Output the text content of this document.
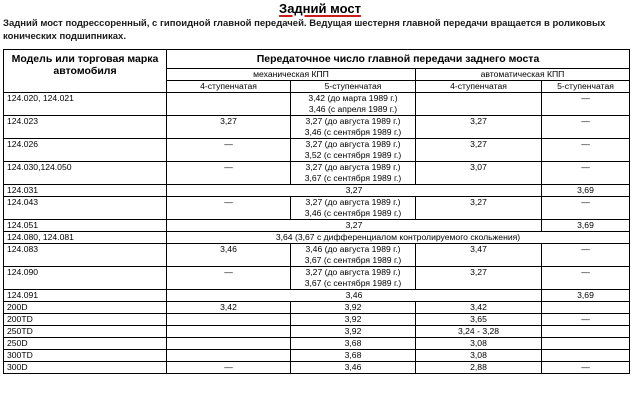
Задний мост
Задний мост подрессоренный, с гипоидной главной передачей. Ведущая шестерня главной передачи вращается в роликовых конических подшипниках.
Модель или торговая марка автомобиля	Передаточное число главной передачи заднего моста			
	механическая КПП		автоматическая КПП	
	4-ступенчатая	5-ступенчатая	4-ступенчатая	5-ступенчатая
124.020, 124.021		3,42 (до марта 1989 г.)
3,46 (с апреля 1989 г.)		—
124.023	3,27	3,27 (до августа 1989 г.)
3,46 (с сентября 1989 г.)	3,27	—
124.026	—	3,27 (до августа 1989 г.)
3,52 (с сентября 1989 г.)	3,27	—
124.030,124.050	—	3,27 (до августа 1989 г.)
3,67 (с сентября 1989 г.)	3,07	—
124.031	3,27			3,69
124.043	—	3,27 (до августа 1989 г.)
3,46 (с сентября 1989 г.)	3,27	—
124.051	3,27			3,69
124.080, 124.081	3,64 (3,67 с дифференциалом контролируемого скольжения)			
124.083	3,46	3,46 (до августа 1989 г.)
3,67 (с сентября 1989 г.)	3,47	—
124.090	—	3,27 (до августа 1989 г.)
3,67 (с сентября 1989 г.)	3,27	—
124.091	3,46			3,69
200D	3,42	3,92	3,42	
200TD		3,92	3,65	—
250TD		3,92	3,24 - 3,28	
250D		3,68	3,08	
300TD		3,68	3,08	
300D	—	3,46	2,88	—
